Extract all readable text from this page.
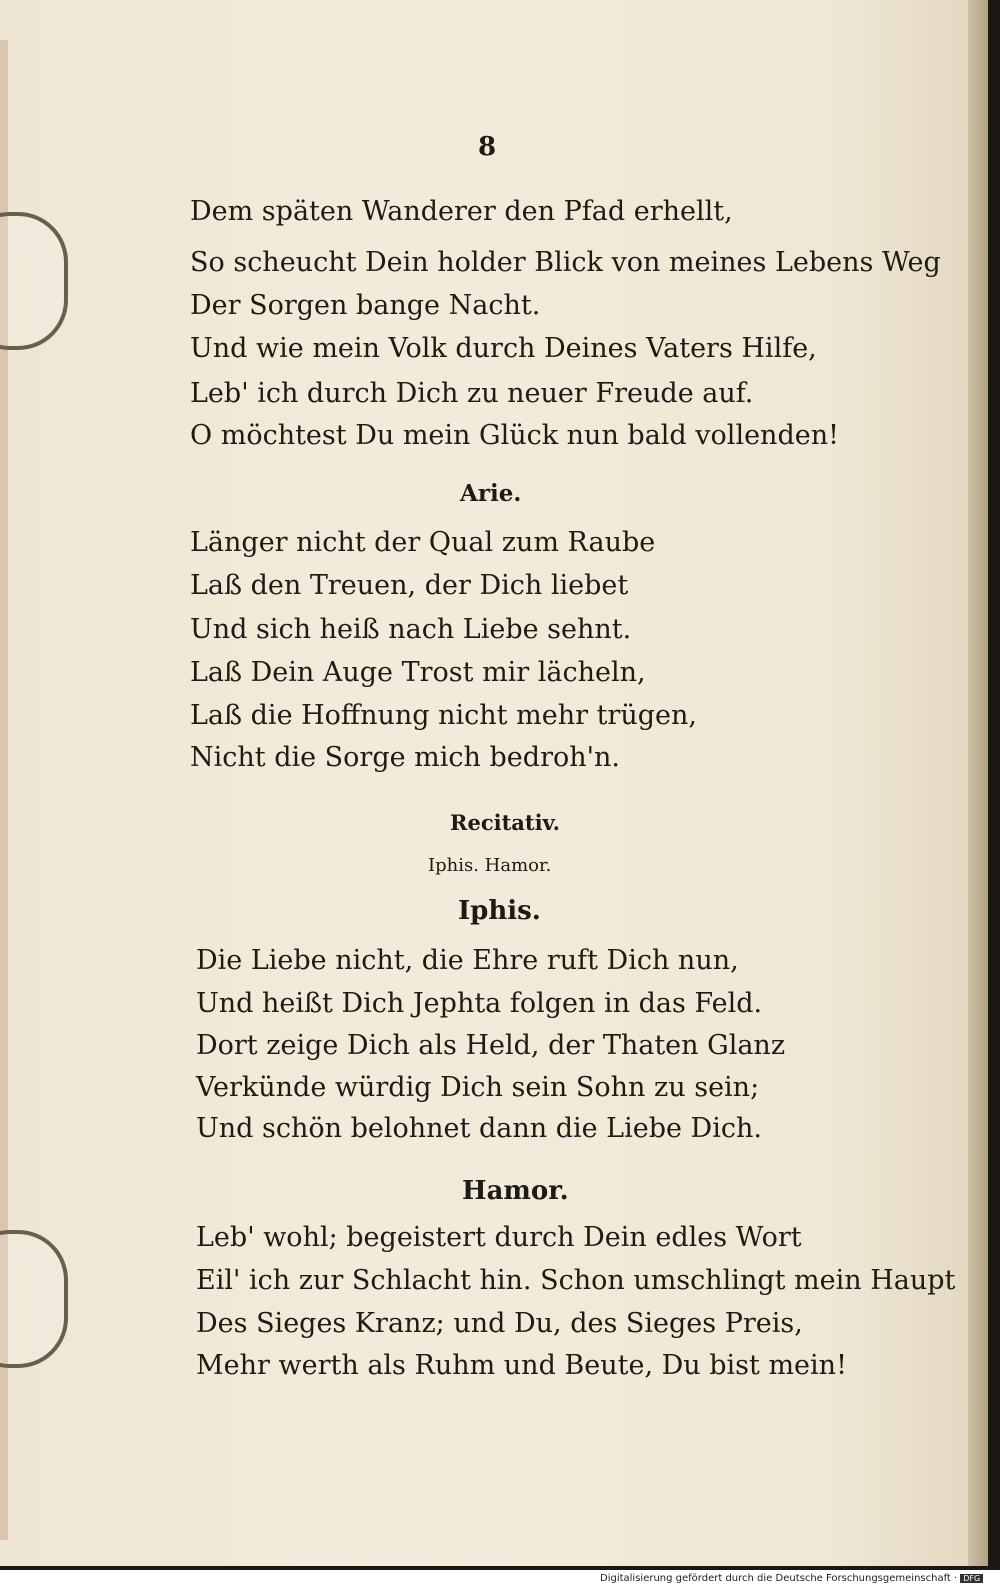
8
Dem späten Wanderer den Pfad erhellt,
So scheucht Dein holder Blick von meines Lebens Weg
Der Sorgen bange Nacht.
Und wie mein Volk durch Deines Vaters Hilfe,
Leb' ich durch Dich zu neuer Freude auf.
O möchtest Du mein Glück nun bald vollenden!
Arie.
Länger nicht der Qual zum Raube
Laß den Treuen, der Dich liebet
Und sich heiß nach Liebe sehnt.
Laß Dein Auge Trost mir lächeln,
Laß die Hoffnung nicht mehr trügen,
Nicht die Sorge mich bedroh'n.
Recitativ.
Iphis. Hamor.
Iphis.
Die Liebe nicht, die Ehre ruft Dich nun,
Und heißt Dich Jephta folgen in das Feld.
Dort zeige Dich als Held, der Thaten Glanz
Verkünde würdig Dich sein Sohn zu sein;
Und schön belohnet dann die Liebe Dich.
Hamor.
Leb' wohl; begeistert durch Dein edles Wort
Eil' ich zur Schlacht hin. Schon umschlingt mein Haupt
Des Sieges Kranz; und Du, des Sieges Preis,
Mehr werth als Ruhm und Beute, Du bist mein!
Digitalisierung gefördert durch die Deutsche Forschungsgemeinschaft · DFG
